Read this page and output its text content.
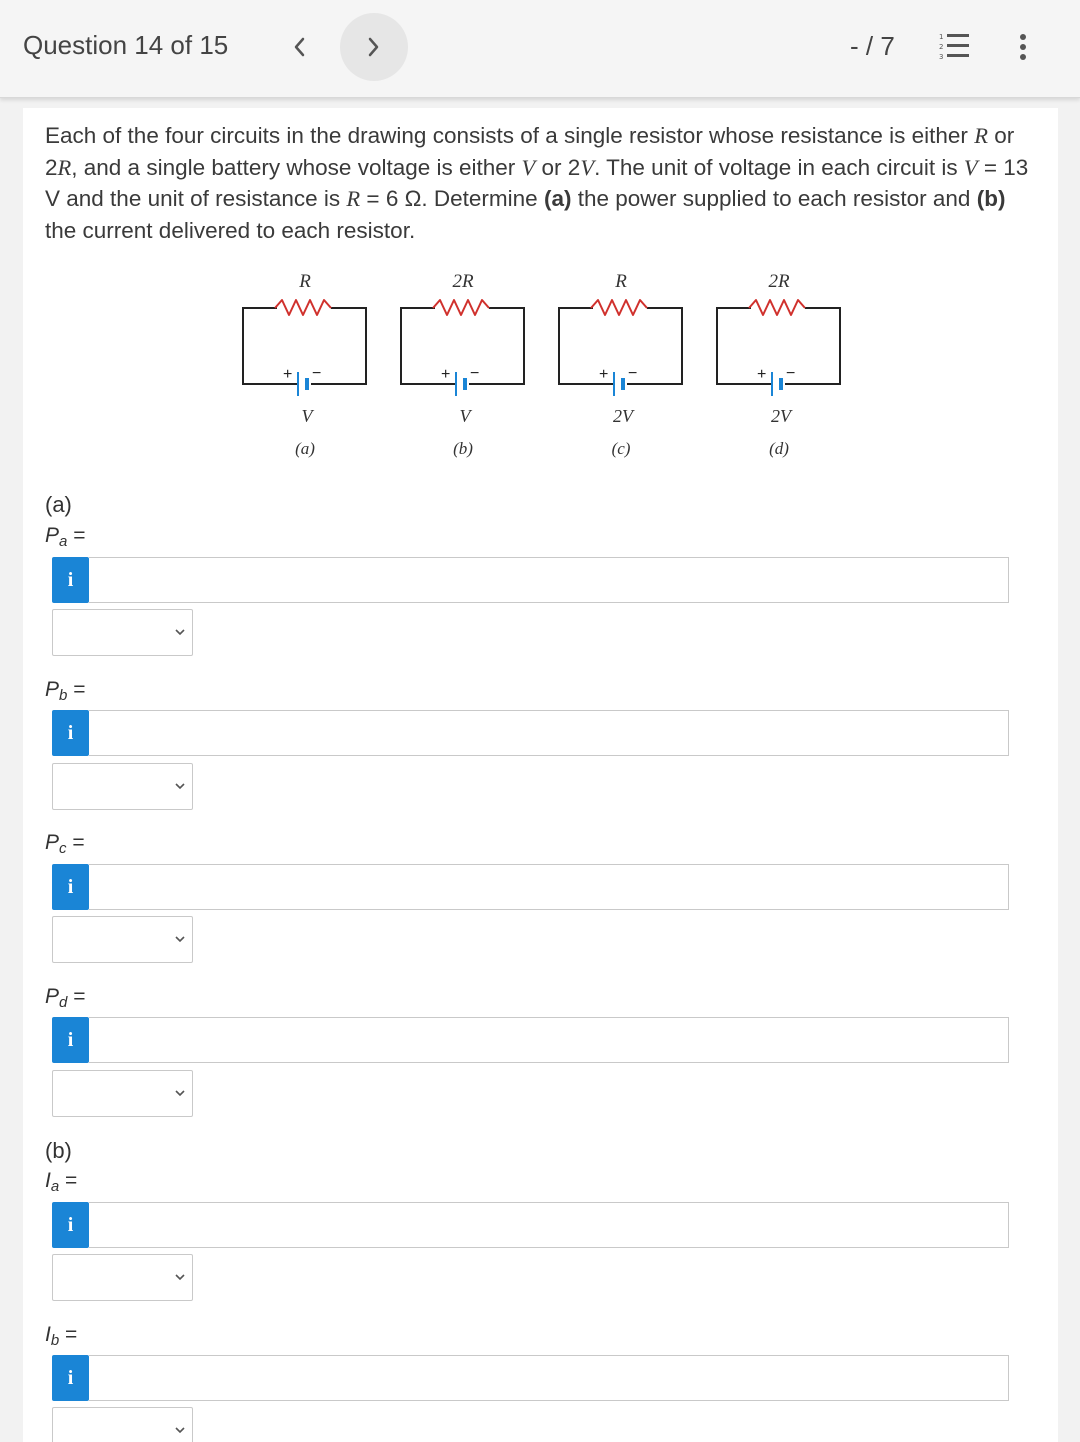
Question 14 of 15	- / 7	1
2
3

Each of the four circuits in the drawing consists of a single resistor whose resistance is either R or 2R, and a single battery whose voltage is either V or 2V. The unit of voltage in each circuit is V = 13 V and the unit of resistance is R = 6 Ω. Determine (a) the power supplied to each resistor and (b) the current delivered to each resistor.

R
+ −
V
(a)
2R
+ −
V
(b)
R
+ −
2V
(c)
2R
+ −
2V
(d)
(a)
$P_a$ =
i
$P_b$ =
i
$P_c$ =
i
$P_d$ =
i
(b)
$I_a$ =
i
$I_b$ =
i
